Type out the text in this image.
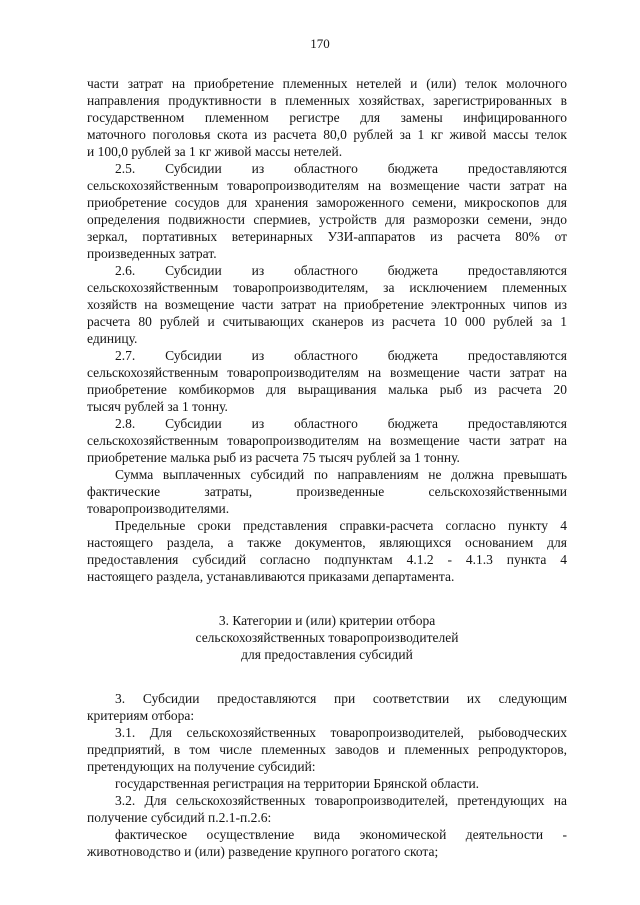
170
части затрат на приобретение племенных нетелей и (или) телок молочного
направления продуктивности в племенных хозяйствах, зарегистрированных в
государственном племенном регистре для замены инфицированного
маточного поголовья скота из расчета 80,0 рублей за 1 кг живой массы телок
и 100,0 рублей за 1 кг живой массы нетелей.
2.5. Субсидии из областного бюджета предоставляются
сельскохозяйственным товаропроизводителям на возмещение части затрат на
приобретение сосудов для хранения замороженного семени, микроскопов для
определения подвижности спермиев, устройств для разморозки семени, эндо
зеркал, портативных ветеринарных УЗИ-аппаратов из расчета 80% от
произведенных затрат.
2.6. Субсидии из областного бюджета предоставляются
сельскохозяйственным товаропроизводителям, за исключением племенных
хозяйств на возмещение части затрат на приобретение электронных чипов из
расчета 80 рублей и считывающих сканеров из расчета 10 000 рублей за 1
единицу.
2.7. Субсидии из областного бюджета предоставляются
сельскохозяйственным товаропроизводителям на возмещение части затрат на
приобретение комбикормов для выращивания малька рыб из расчета 20
тысяч рублей за 1 тонну.
2.8. Субсидии из областного бюджета предоставляются
сельскохозяйственным товаропроизводителям на возмещение части затрат на
приобретение малька рыб из расчета 75 тысяч рублей за 1 тонну.
Сумма выплаченных субсидий по направлениям не должна превышать
фактические затраты, произведенные сельскохозяйственными
товаропроизводителями.
Предельные сроки представления справки-расчета согласно пункту 4
настоящего раздела, а также документов, являющихся основанием для
предоставления субсидий согласно подпунктам 4.1.2 - 4.1.3 пункта 4
настоящего раздела, устанавливаются приказами департамента.
3. Категории и (или) критерии отбора
сельскохозяйственных товаропроизводителей
для предоставления субсидий
3. Субсидии предоставляются при соответствии их следующим
критериям отбора:
3.1. Для сельскохозяйственных товаропроизводителей, рыбоводческих
предприятий, в том числе племенных заводов и племенных репродукторов,
претендующих на получение субсидий:
государственная регистрация на территории Брянской области.
3.2. Для сельскохозяйственных товаропроизводителей, претендующих на
получение субсидий п.2.1-п.2.6:
фактическое осуществление вида экономической деятельности -
животноводство и (или) разведение крупного рогатого скота;
